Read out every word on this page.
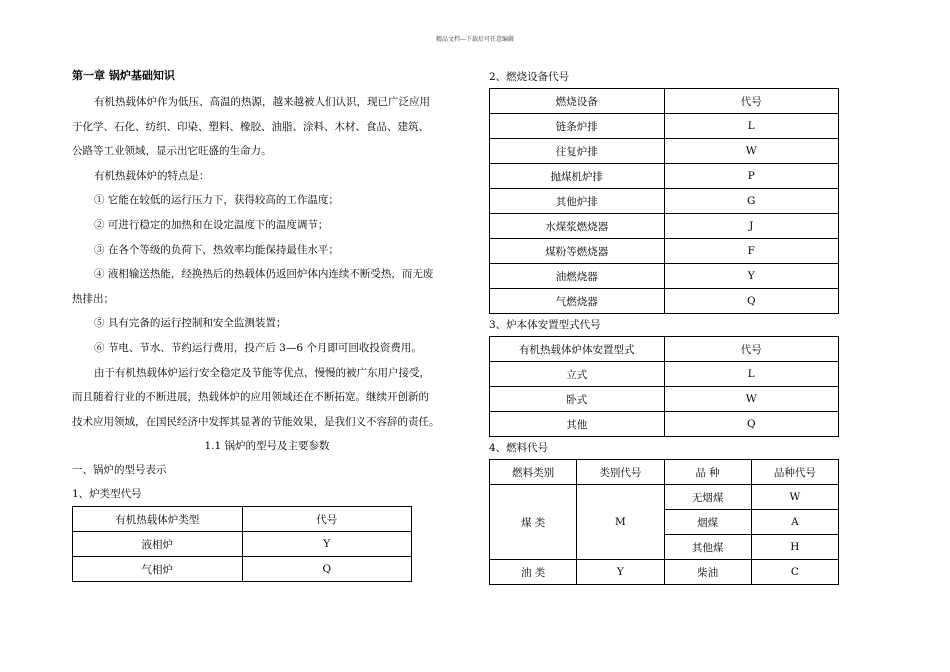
精品文档---下载后可任意编辑
第一章 锅炉基础知识

有机热载体炉作为低压、高温的热源，越来越被人们认识，现已广泛应用

于化学、石化、纺织、印染、塑料、橡胶、油脂、涂料、木材、食品、建筑、

公路等工业领域，显示出它旺盛的生命力。

有机热载体炉的特点是：

① 它能在较低的运行压力下，获得较高的工作温度；

② 可进行稳定的加热和在设定温度下的温度调节；

③ 在各个等级的负荷下，热效率均能保持最佳水平；

④ 液相输送热能，经换热后的热载体仍返回炉体内连续不断受热，而无废

热排出；

⑤ 具有完备的运行控制和安全监测装置；

⑥ 节电、节水、节约运行费用，投产后 3—6 个月即可回收投资费用。

由于有机热载体炉运行安全稳定及节能等优点，慢慢的被广东用户接受，

而且随着行业的不断进展，热载体炉的应用领域还在不断拓宽。继续开创新的

技术应用领域，在国民经济中发挥其显著的节能效果，是我们义不容辞的责任。

1.1 锅炉的型号及主要参数
一、锅炉的型号表示
1、炉类型代号
有机热载体炉类型	代号
液相炉	Y
气相炉	Q
2、燃烧设备代号
燃烧设备	代号
链条炉排	L
往复炉排	W
抛煤机炉排	P
其他炉排	G
水煤浆燃烧器	J
煤粉等燃烧器	F
油燃烧器	Y
气燃烧器	Q
3、炉本体安置型式代号
有机热载体炉体安置型式	代号
立式	L
卧式	W
其他	Q
4、燃料代号
燃料类别	类别代号	品 种	品种代号
煤 类	M	无烟煤	W
		烟煤	A
		其他煤	H
油 类	Y	柴油	C
